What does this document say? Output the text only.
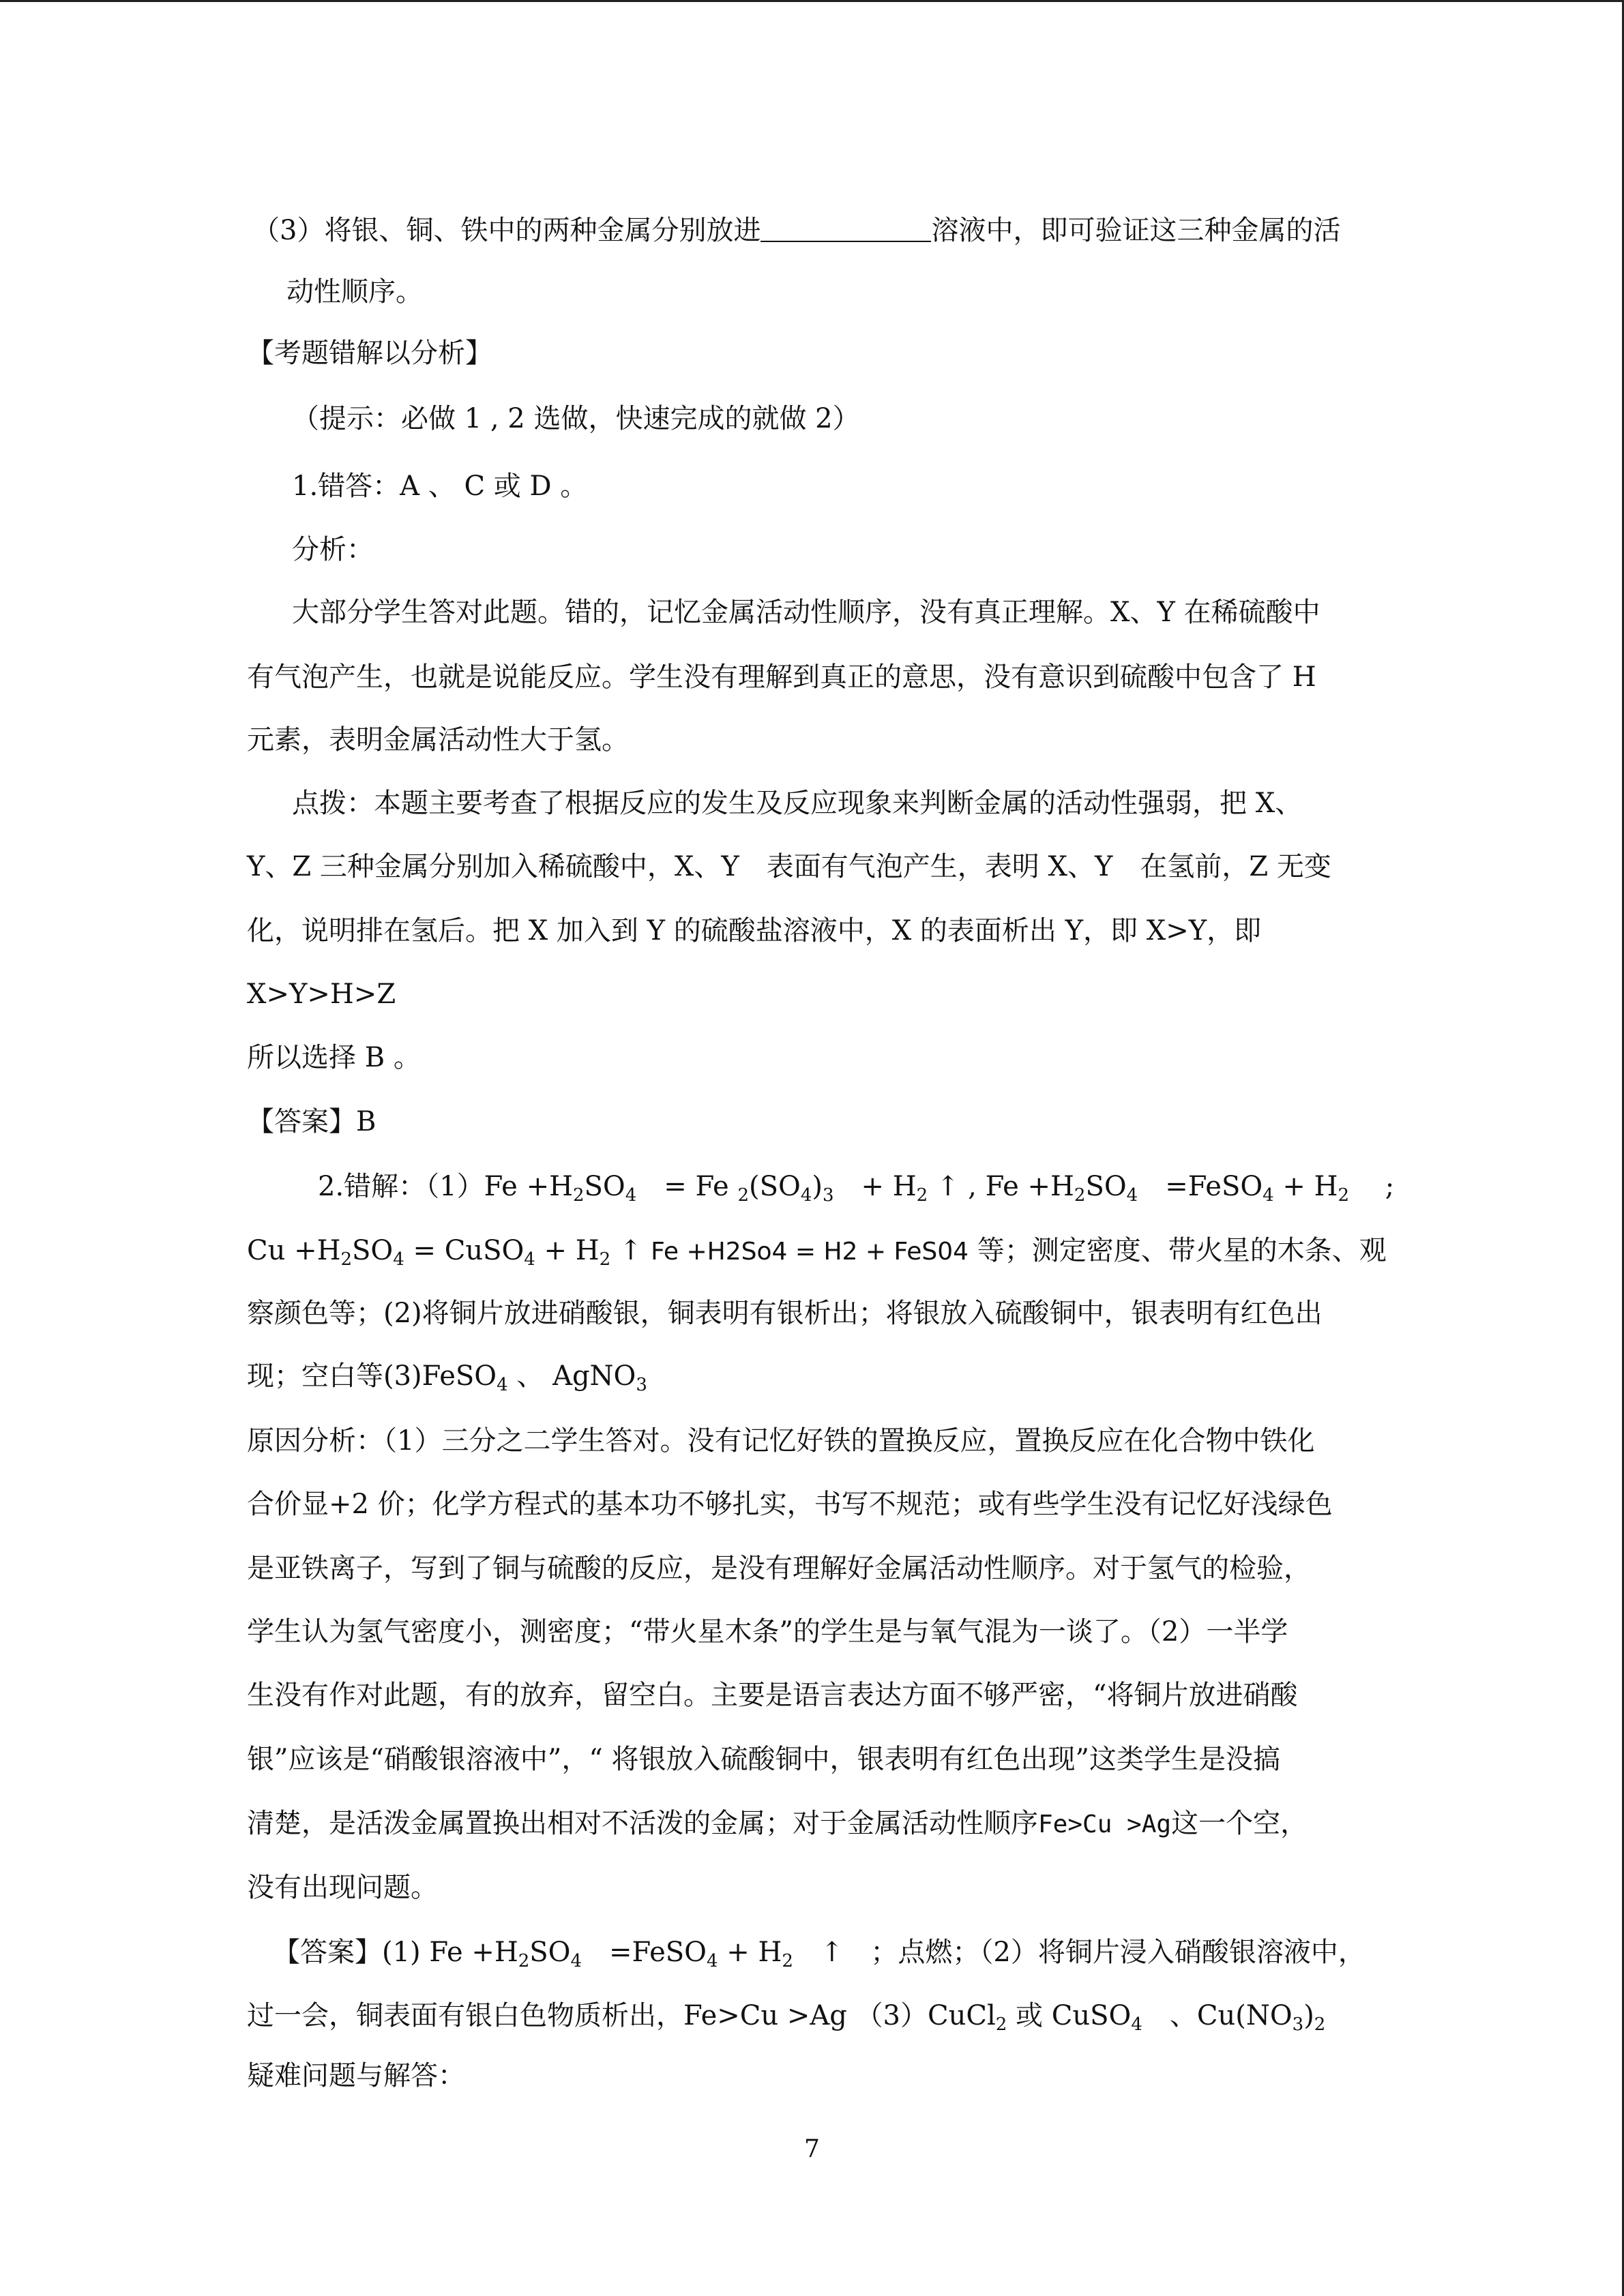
（3）将银、铜、铁中的两种金属分别放进	溶液中，即可验证这三种金属的活
动性顺序。
【考题错解以分析】
（提示：必做 1 , 2 选做，快速完成的就做 2）
1.错答：A 、 C 或 D 。
分析：
大部分学生答对此题。错的，记忆金属活动性顺序，没有真正理解。X、Y 在稀硫酸中
有气泡产生，也就是说能反应。学生没有理解到真正的意思，没有意识到硫酸中包含了 H
元素，表明金属活动性大于氢。
点拨：本题主要考查了根据反应的发生及反应现象来判断金属的活动性强弱，把 X、
Y、Z 三种金属分别加入稀硫酸中，X、Y　表面有气泡产生，表明 X、Y　在氢前，Z 无变
化，说明排在氢后。把 X 加入到 Y 的硫酸盐溶液中，X 的表面析出 Y，即 X>Y，即
X>Y>H>Z
所以选择 B 。
【答案】B
2.错解：$(1)Fe +H_2SO_4$　= Fe $_2(SO_4)_3$　+ $H_2$ ↑ , $Fe +H_2SO_4$　=FeSO$_4$ + $H_2$　 ;
$Cu +H_2SO_4$ = CuSO$_4$ + $H_2$ ↑ Fe +H2So4 = H2 + FeS04 等；测定密度、带火星的木条、观
察颜色等；(2)将铜片放进硝酸银，铜表明有银析出；将银放入硫酸铜中，银表明有红色出
现；空白等(3)FeSO$_4$ 、 AgNO$_3$
原因分析：（1）三分之二学生答对。没有记忆好铁的置换反应，置换反应在化合物中铁化
合价显+2 价；化学方程式的基本功不够扎实，书写不规范；或有些学生没有记忆好浅绿色
是亚铁离子，写到了铜与硫酸的反应，是没有理解好金属活动性顺序。对于氢气的检验，
学生认为氢气密度小，测密度；“带火星木条”的学生是与氧气混为一谈了。（2）一半学
生没有作对此题，有的放弃，留空白。主要是语言表达方面不够严密，“将铜片放进硝酸
银”应该是“硝酸银溶液中”，“ 将银放入硫酸铜中，银表明有红色出现”这类学生是没搞
清楚，是活泼金属置换出相对不活泼的金属；对于金属活动性顺序Fe>Cu >Ag这一个空，
没有出现问题。
【答案】(1) $Fe +H_2SO_4$　=FeSO$_4$ + $H_2$　↑　；点燃；（2）将铜片浸入硝酸银溶液中，
过一会，铜表面有银白色物质析出，Fe>Cu >Ag （3）CuCl$_2$ 或 CuSO$_4$　、$Cu(NO_3)_2$
疑难问题与解答：
7
